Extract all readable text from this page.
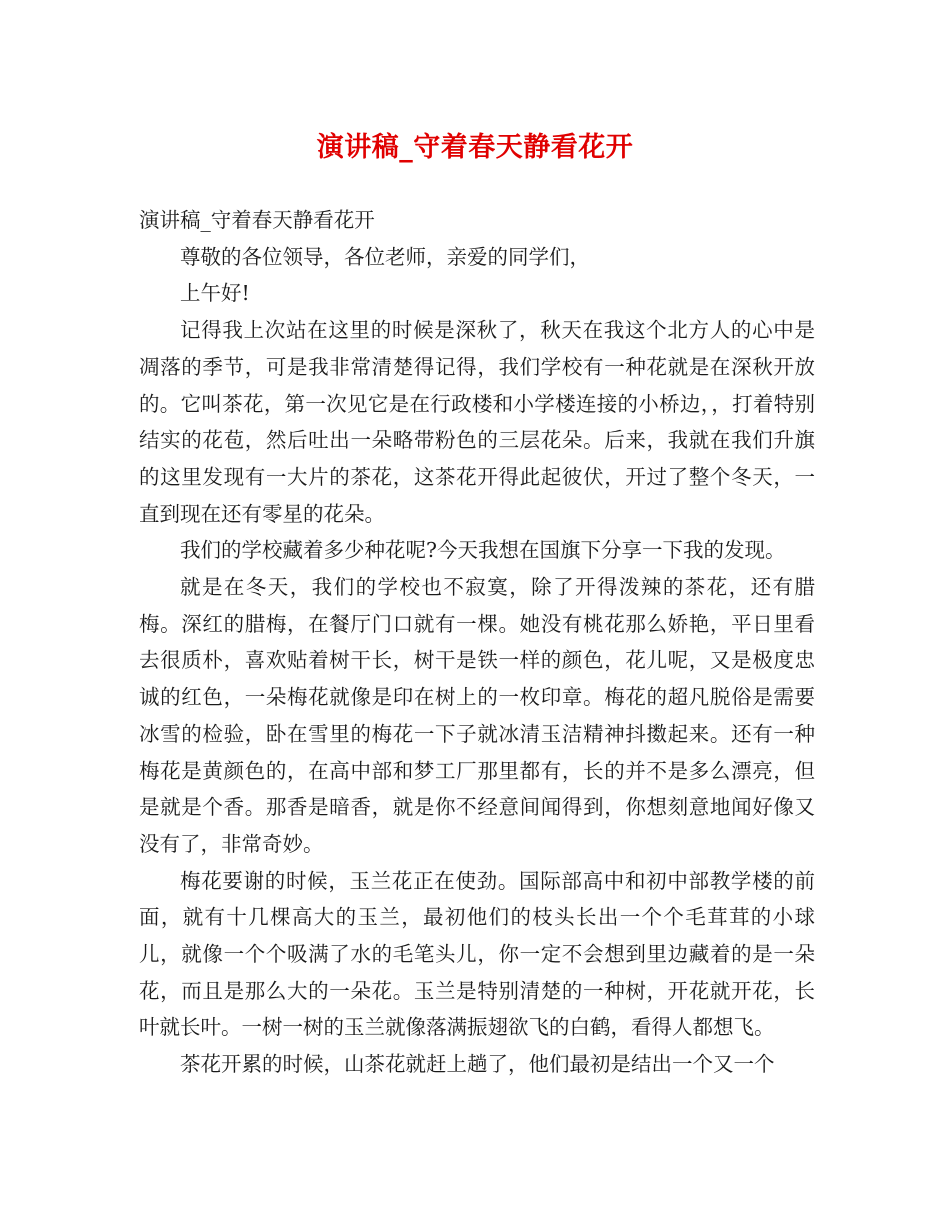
演讲稿_守着春天静看花开

演讲稿_守着春天静看花开

尊敬的各位领导，各位老师，亲爱的同学们，

上午好!

记得我上次站在这里的时候是深秋了，秋天在我这个北方人的心中是凋落的季节，可是我非常清楚得记得，我们学校有一种花就是在深秋开放的。它叫茶花，第一次见它是在行政楼和小学楼连接的小桥边，，打着特别结实的花苞，然后吐出一朵略带粉色的三层花朵。后来，我就在我们升旗的这里发现有一大片的茶花，这茶花开得此起彼伏，开过了整个冬天，一直到现在还有零星的花朵。

我们的学校藏着多少种花呢?今天我想在国旗下分享一下我的发现。

就是在冬天，我们的学校也不寂寞，除了开得泼辣的茶花，还有腊梅。深红的腊梅，在餐厅门口就有一棵。她没有桃花那么娇艳，平日里看去很质朴，喜欢贴着树干长，树干是铁一样的颜色，花儿呢，又是极度忠诚的红色，一朵梅花就像是印在树上的一枚印章。梅花的超凡脱俗是需要冰雪的检验，卧在雪里的梅花一下子就冰清玉洁精神抖擞起来。还有一种梅花是黄颜色的，在高中部和梦工厂那里都有，长的并不是多么漂亮，但是就是个香。那香是暗香，就是你不经意间闻得到，你想刻意地闻好像又没有了，非常奇妙。

梅花要谢的时候，玉兰花正在使劲。国际部高中和初中部教学楼的前面，就有十几棵高大的玉兰，最初他们的枝头长出一个个毛茸茸的小球儿，就像一个个吸满了水的毛笔头儿，你一定不会想到里边藏着的是一朵花，而且是那么大的一朵花。玉兰是特别清楚的一种树，开花就开花，长叶就长叶。一树一树的玉兰就像落满振翅欲飞的白鹤，看得人都想飞。

茶花开累的时候，山茶花就赶上趟了，他们最初是结出一个又一个
